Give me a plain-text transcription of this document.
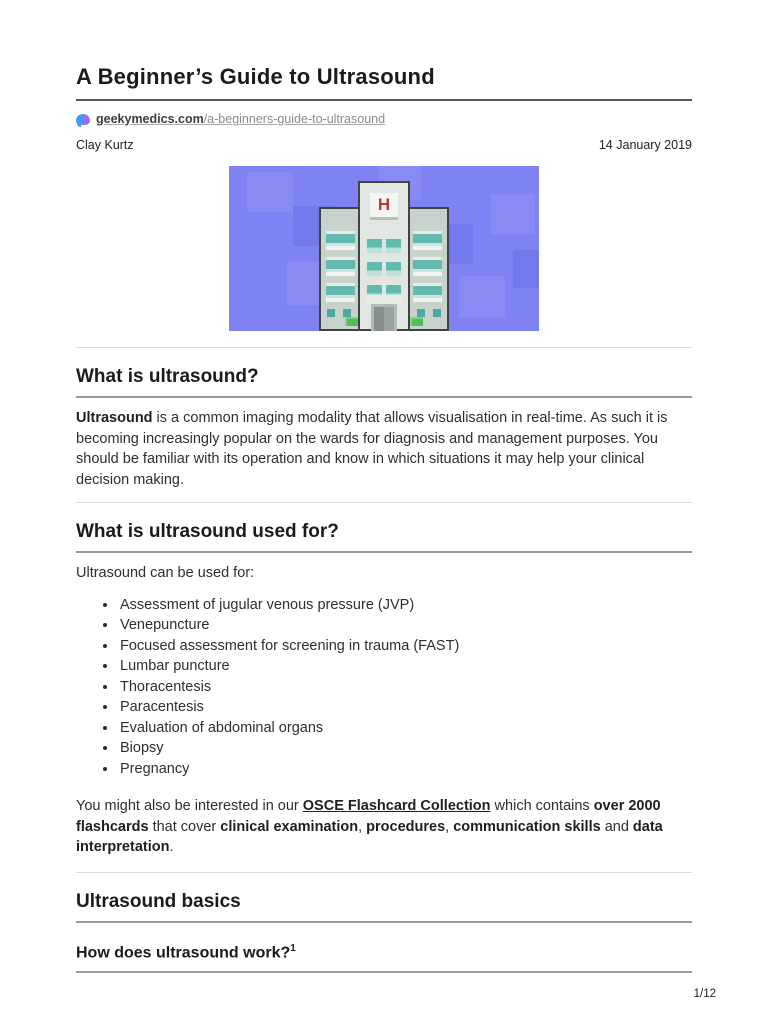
A Beginner’s Guide to Ultrasound
geekymedics.com/a-beginners-guide-to-ultrasound
Clay Kurtz	14 January 2019
H
What is ultrasound?

Ultrasound is a common imaging modality that allows visualisation in real-time. As such it is becoming increasingly popular on the wards for diagnosis and management purposes. You should be familiar with its operation and know in which situations it may help your clinical decision making.

What is ultrasound used for?

Ultrasound can be used for:

• Assessment of jugular venous pressure (JVP)
• Venepuncture
• Focused assessment for screening in trauma (FAST)
• Lumbar puncture
• Thoracentesis
• Paracentesis
• Evaluation of abdominal organs
• Biopsy
• Pregnancy

You might also be interested in our OSCE Flashcard Collection which contains over 2000 flashcards that cover clinical examination, procedures, communication skills and data interpretation.

Ultrasound basics
How does ultrasound work?$^1$
1/12
